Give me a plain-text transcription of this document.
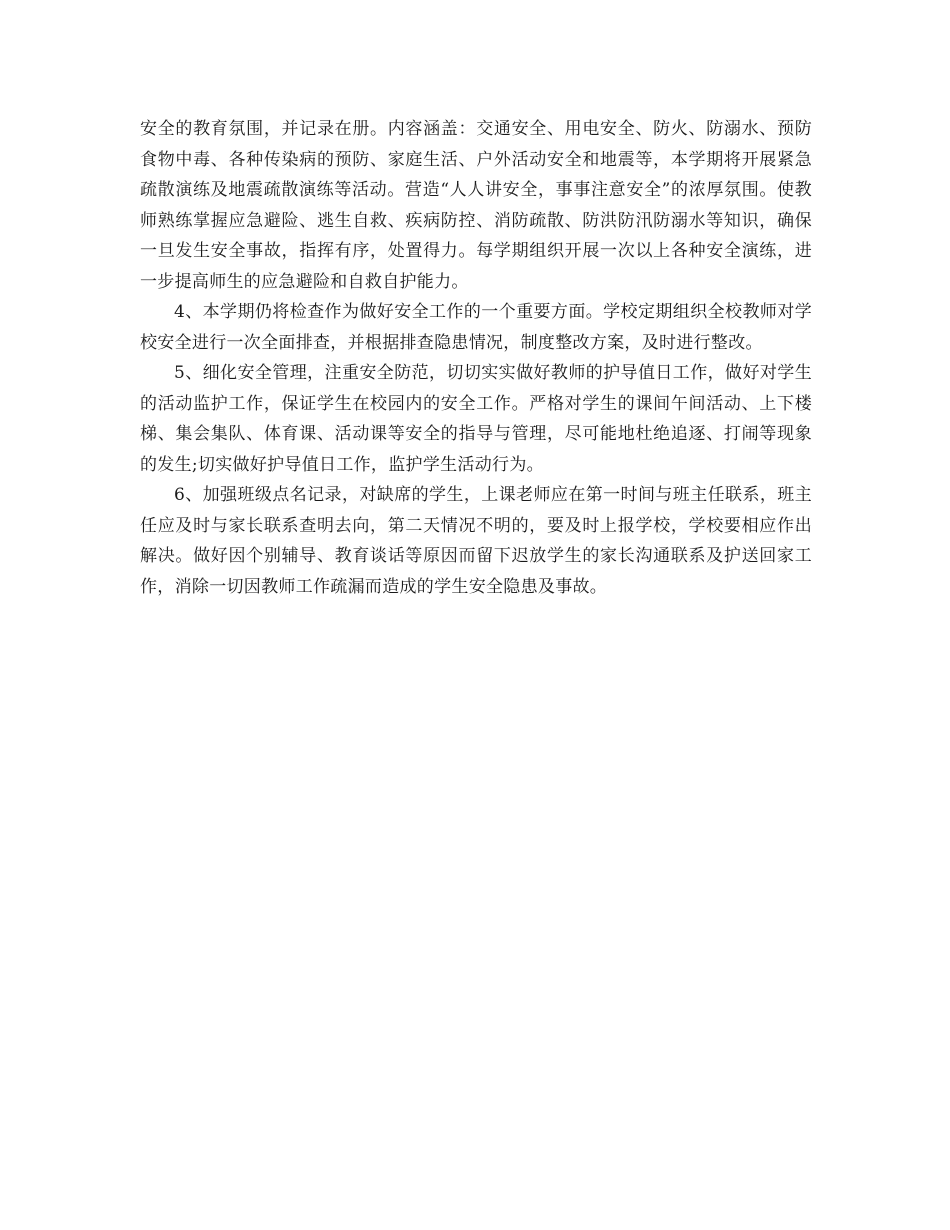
安全的教育氛围，并记录在册。内容涵盖：交通安全、用电安全、防火、防溺水、预防食物中毒、各种传染病的预防、家庭生活、户外活动安全和地震等，本学期将开展紧急疏散演练及地震疏散演练等活动。营造“人人讲安全，事事注意安全”的浓厚氛围。使教师熟练掌握应急避险、逃生自救、疾病防控、消防疏散、防洪防汛防溺水等知识，确保一旦发生安全事故，指挥有序，处置得力。每学期组织开展一次以上各种安全演练，进一步提高师生的应急避险和自救自护能力。

4、本学期仍将检查作为做好安全工作的一个重要方面。学校定期组织全校教师对学校安全进行一次全面排查，并根据排查隐患情况，制度整改方案，及时进行整改。

5、细化安全管理，注重安全防范，切切实实做好教师的护导值日工作，做好对学生的活动监护工作，保证学生在校园内的安全工作。严格对学生的课间午间活动、上下楼梯、集会集队、体育课、活动课等安全的指导与管理，尽可能地杜绝追逐、打闹等现象的发生;切实做好护导值日工作，监护学生活动行为。

6、加强班级点名记录，对缺席的学生，上课老师应在第一时间与班主任联系，班主任应及时与家长联系查明去向，第二天情况不明的，要及时上报学校，学校要相应作出解决。做好因个别辅导、教育谈话等原因而留下迟放学生的家长沟通联系及护送回家工作，消除一切因教师工作疏漏而造成的学生安全隐患及事故。
